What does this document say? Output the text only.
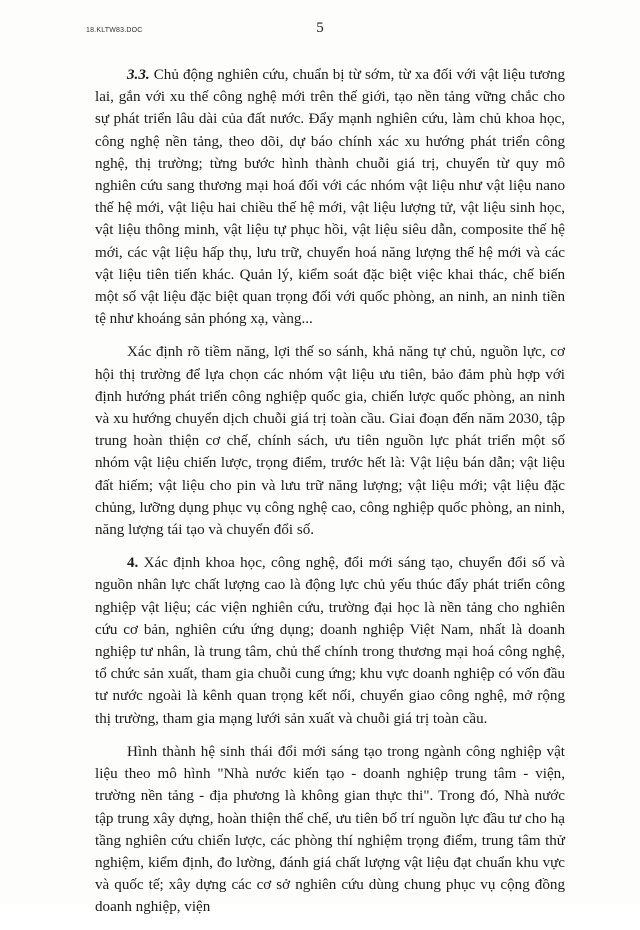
18.KLTW83.DOC	5

3.3. Chủ động nghiên cứu, chuẩn bị từ sớm, từ xa đối với vật liệu tương lai, gắn với xu thế công nghệ mới trên thế giới, tạo nền tảng vững chắc cho sự phát triển lâu dài của đất nước. Đẩy mạnh nghiên cứu, làm chủ khoa học, công nghệ nền tảng, theo dõi, dự báo chính xác xu hướng phát triển công nghệ, thị trường; từng bước hình thành chuỗi giá trị, chuyển từ quy mô nghiên cứu sang thương mại hoá đối với các nhóm vật liệu như vật liệu nano thế hệ mới, vật liệu hai chiều thế hệ mới, vật liệu lượng tử, vật liệu sinh học, vật liệu thông minh, vật liệu tự phục hồi, vật liệu siêu dẫn, composite thế hệ mới, các vật liệu hấp thụ, lưu trữ, chuyển hoá năng lượng thế hệ mới và các vật liệu tiên tiến khác. Quản lý, kiểm soát đặc biệt việc khai thác, chế biến một số vật liệu đặc biệt quan trọng đối với quốc phòng, an ninh, an ninh tiền tệ như khoáng sản phóng xạ, vàng...

Xác định rõ tiềm năng, lợi thế so sánh, khả năng tự chủ, nguồn lực, cơ hội thị trường để lựa chọn các nhóm vật liệu ưu tiên, bảo đảm phù hợp với định hướng phát triển công nghiệp quốc gia, chiến lược quốc phòng, an ninh và xu hướng chuyển dịch chuỗi giá trị toàn cầu. Giai đoạn đến năm 2030, tập trung hoàn thiện cơ chế, chính sách, ưu tiên nguồn lực phát triển một số nhóm vật liệu chiến lược, trọng điểm, trước hết là: Vật liệu bán dẫn; vật liệu đất hiếm; vật liệu cho pin và lưu trữ năng lượng; vật liệu mới; vật liệu đặc chủng, lưỡng dụng phục vụ công nghệ cao, công nghiệp quốc phòng, an ninh, năng lượng tái tạo và chuyển đổi số.

4. Xác định khoa học, công nghệ, đổi mới sáng tạo, chuyển đổi số và nguồn nhân lực chất lượng cao là động lực chủ yếu thúc đẩy phát triển công nghiệp vật liệu; các viện nghiên cứu, trường đại học là nền tảng cho nghiên cứu cơ bản, nghiên cứu ứng dụng; doanh nghiệp Việt Nam, nhất là doanh nghiệp tư nhân, là trung tâm, chủ thể chính trong thương mại hoá công nghệ, tổ chức sản xuất, tham gia chuỗi cung ứng; khu vực doanh nghiệp có vốn đầu tư nước ngoài là kênh quan trọng kết nối, chuyển giao công nghệ, mở rộng thị trường, tham gia mạng lưới sản xuất và chuỗi giá trị toàn cầu.

Hình thành hệ sinh thái đổi mới sáng tạo trong ngành công nghiệp vật liệu theo mô hình "Nhà nước kiến tạo - doanh nghiệp trung tâm - viện, trường nền tảng - địa phương là không gian thực thi". Trong đó, Nhà nước tập trung xây dựng, hoàn thiện thể chế, ưu tiên bố trí nguồn lực đầu tư cho hạ tầng nghiên cứu chiến lược, các phòng thí nghiệm trọng điểm, trung tâm thử nghiệm, kiểm định, đo lường, đánh giá chất lượng vật liệu đạt chuẩn khu vực và quốc tế; xây dựng các cơ sở nghiên cứu dùng chung phục vụ cộng đồng doanh nghiệp, viện
